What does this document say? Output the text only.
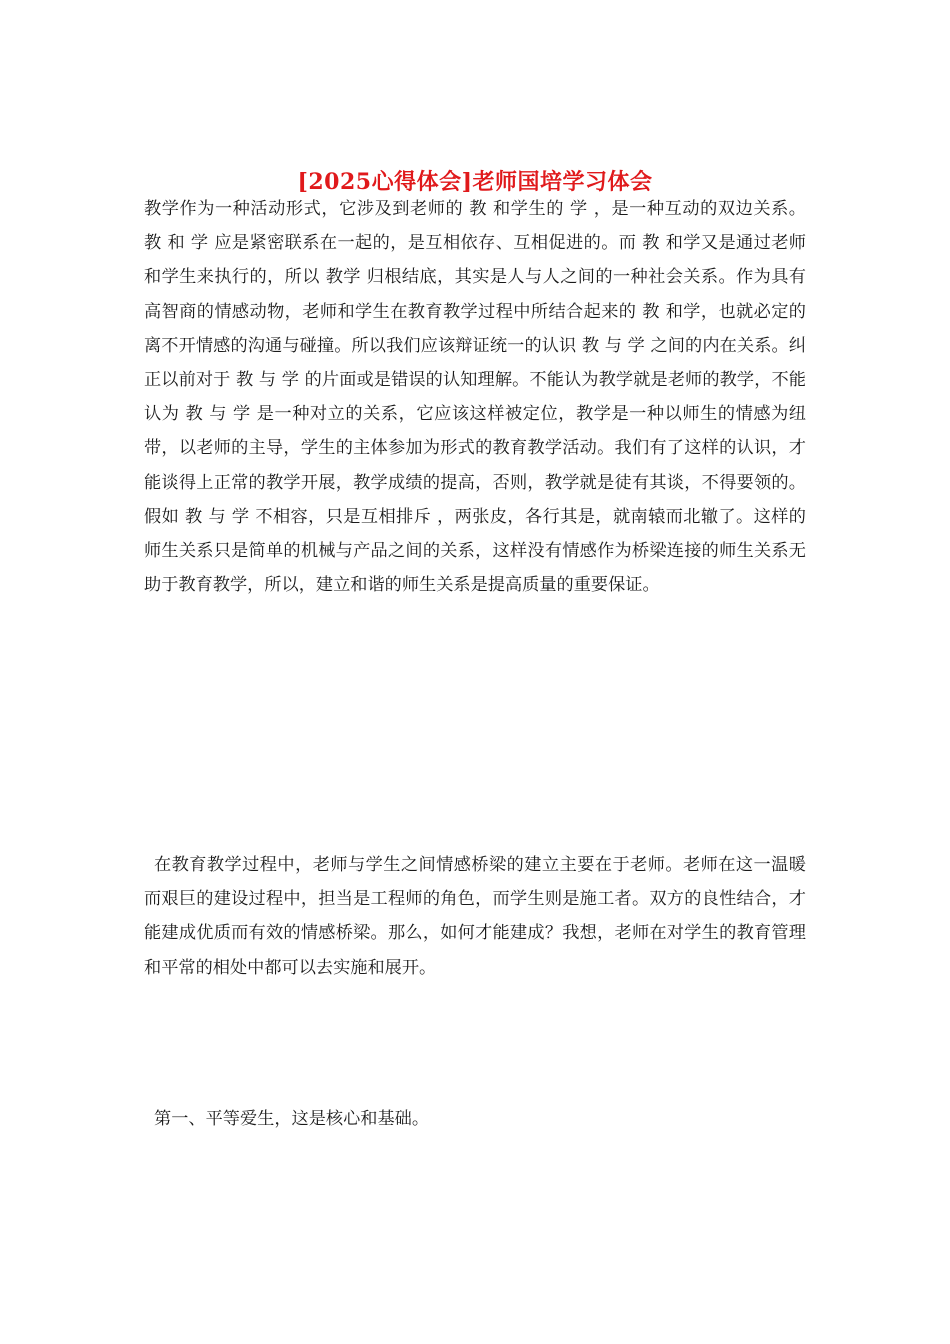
[2025心得体会]老师国培学习体会

教学作为一种活动形式，它涉及到老师的 教 和学生的 学 ，是一种互动的双边关系。 教 和 学 应是紧密联系在一起的，是互相依存、互相促进的。而 教 和学又是通过老师和学生来执行的，所以 教学 归根结底，其实是人与人之间的一种社会关系。作为具有高智商的情感动物，老师和学生在教育教学过程中所结合起来的 教 和学，也就必定的离不开情感的沟通与碰撞。所以我们应该辩证统一的认识 教 与 学 之间的内在关系。纠正以前对于 教 与 学 的片面或是错误的认知理解。不能认为教学就是老师的教学，不能认为 教 与 学 是一种对立的关系，它应该这样被定位，教学是一种以师生的情感为纽带，以老师的主导，学生的主体参加为形式的教育教学活动。我们有了这样的认识，才能谈得上正常的教学开展，教学成绩的提高，否则，教学就是徒有其谈，不得要领的。假如 教 与 学 不相容，只是互相排斥 ，两张皮，各行其是，就南辕而北辙了。这样的师生关系只是简单的机械与产品之间的关系，这样没有情感作为桥梁连接的师生关系无助于教育教学，所以，建立和谐的师生关系是提高质量的重要保证。

在教育教学过程中，老师与学生之间情感桥梁的建立主要在于老师。老师在这一温暖而艰巨的建设过程中，担当是工程师的角色，而学生则是施工者。双方的良性结合，才能建成优质而有效的情感桥梁。那么，如何才能建成？我想，老师在对学生的教育管理和平常的相处中都可以去实施和展开。

第一、平等爱生，这是核心和基础。
